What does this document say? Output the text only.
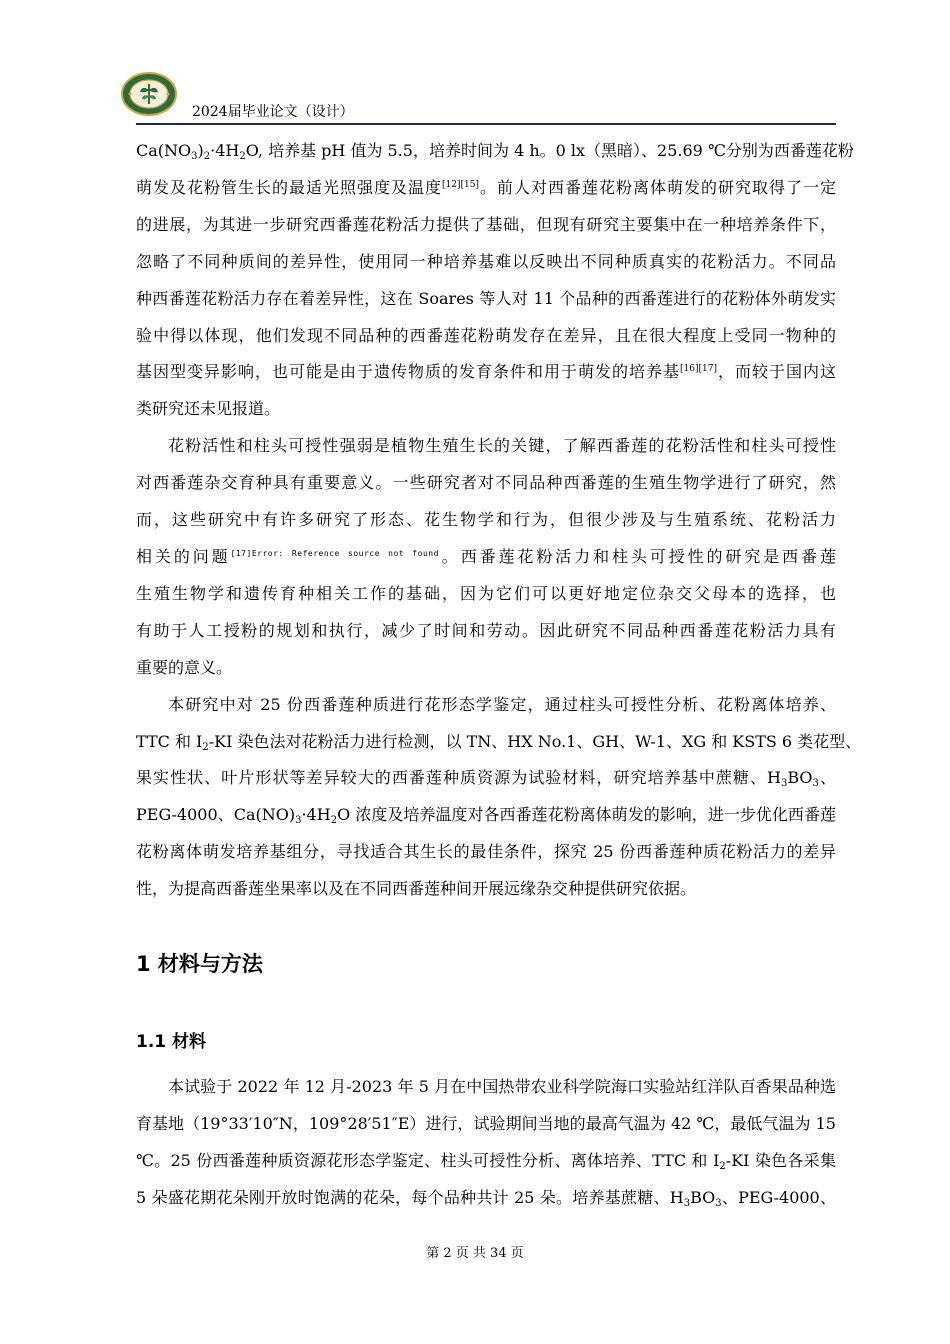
2024届毕业论文（设计）

$Ca(NO_3)_2\cdot 4H_2O$, 培养基 pH 值为 5.5，培养时间为 4 h。0 lx（黑暗）、25.69 ℃分别为西番莲花粉
萌发及花粉管生长的最适光照强度及温度[12][15]。前人对西番莲花粉离体萌发的研究取得了一定
的进展，为其进一步研究西番莲花粉活力提供了基础，但现有研究主要集中在一种培养条件下，
忽略了不同种质间的差异性，使用同一种培养基难以反映出不同种质真实的花粉活力。不同品
种西番莲花粉活力存在着差异性，这在 Soares 等人对 11 个品种的西番莲进行的花粉体外萌发实
验中得以体现，他们发现不同品种的西番莲花粉萌发存在差异，且在很大程度上受同一物种的
基因型变异影响，也可能是由于遗传物质的发育条件和用于萌发的培养基[16][17]，而较于国内这
类研究还未见报道。

花粉活性和柱头可授性强弱是植物生殖生长的关键，了解西番莲的花粉活性和柱头可授性
对西番莲杂交育种具有重要意义。一些研究者对不同品种西番莲的生殖生物学进行了研究，然
而，这些研究中有许多研究了形态、花生物学和行为，但很少涉及与生殖系统、花粉活力
相关的问题$^{[17]Error: Reference source not found}$。西番莲花粉活力和柱头可授性的研究是西番莲
生殖生物学和遗传育种相关工作的基础，因为它们可以更好地定位杂交父母本的选择，也
有助于人工授粉的规划和执行，减少了时间和劳动。因此研究不同品种西番莲花粉活力具有
重要的意义。

本研究中对 25 份西番莲种质进行花形态学鉴定，通过柱头可授性分析、花粉离体培养、
TTC 和 $I_2-KI$ 染色法对花粉活力进行检测，以 TN、HX No.1、GH、W-1、XG 和 KSTS 6 类花型、
果实性状、叶片形状等差异较大的西番莲种质资源为试验材料，研究培养基中蔗糖、$H_3BO_3$、
PEG-4000、$Ca(NO)_3\cdot 4H_2O$ 浓度及培养温度对各西番莲花粉离体萌发的影响，进一步优化西番莲
花粉离体萌发培养基组分，寻找适合其生长的最佳条件，探究 25 份西番莲种质花粉活力的差异
性，为提高西番莲坐果率以及在不同西番莲种间开展远缘杂交种提供研究依据。

1 材料与方法
1.1 材料

本试验于 2022 年 12 月-2023 年 5 月在中国热带农业科学院海口实验站红洋队百香果品种选
育基地（19°33′10″N，109°28′51″E）进行，试验期间当地的最高气温为 42 ℃，最低气温为 15
℃。25 份西番莲种质资源花形态学鉴定、柱头可授性分析、离体培养、TTC 和 $I_2-KI$ 染色各采集
5 朵盛花期花朵刚开放时饱满的花朵，每个品种共计 25 朵。培养基蔗糖、$H_3BO_3$、PEG-4000、

第 2 页 共 34 页
